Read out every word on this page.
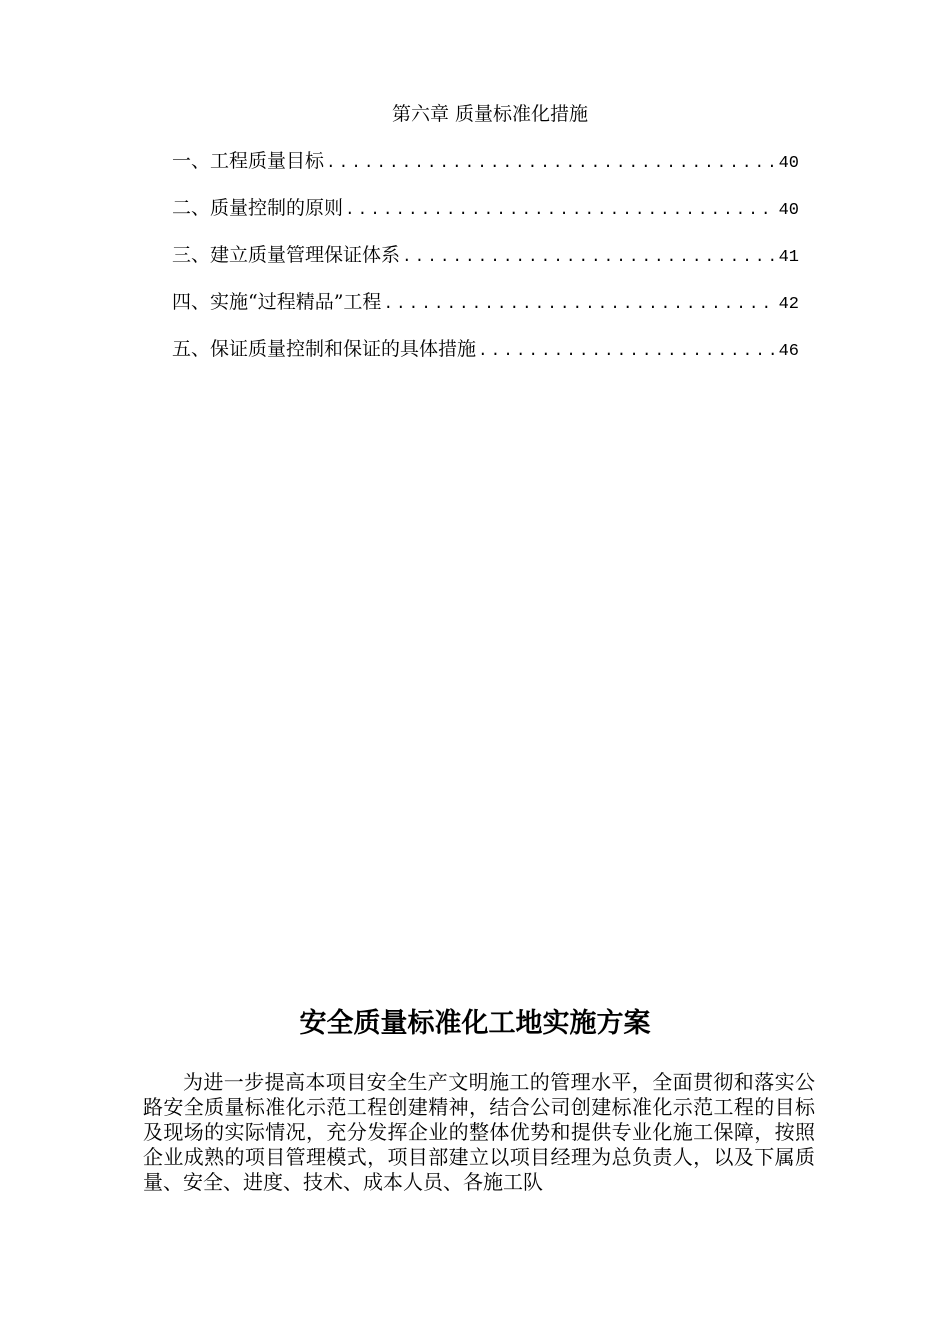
第六章 质量标准化措施
一、工程质量目标 .....	40
二、质量控制的原则 .....	40
三、建立质量管理保证体系 .....	41
四、实施“过程精品”工程 .....	42
五、保证质量控制和保证的具体措施 .....	46
安全质量标准化工地实施方案

为进一步提高本项目安全生产文明施工的管理水平，全面贯彻和落实公路安全质量标准化示范工程创建精神，结合公司创建标准化示范工程的目标及现场的实际情况，充分发挥企业的整体优势和提供专业化施工保障，按照企业成熟的项目管理模式，项目部建立以项目经理为总负责人，以及下属质量、安全、进度、技术、成本人员、各施工队
